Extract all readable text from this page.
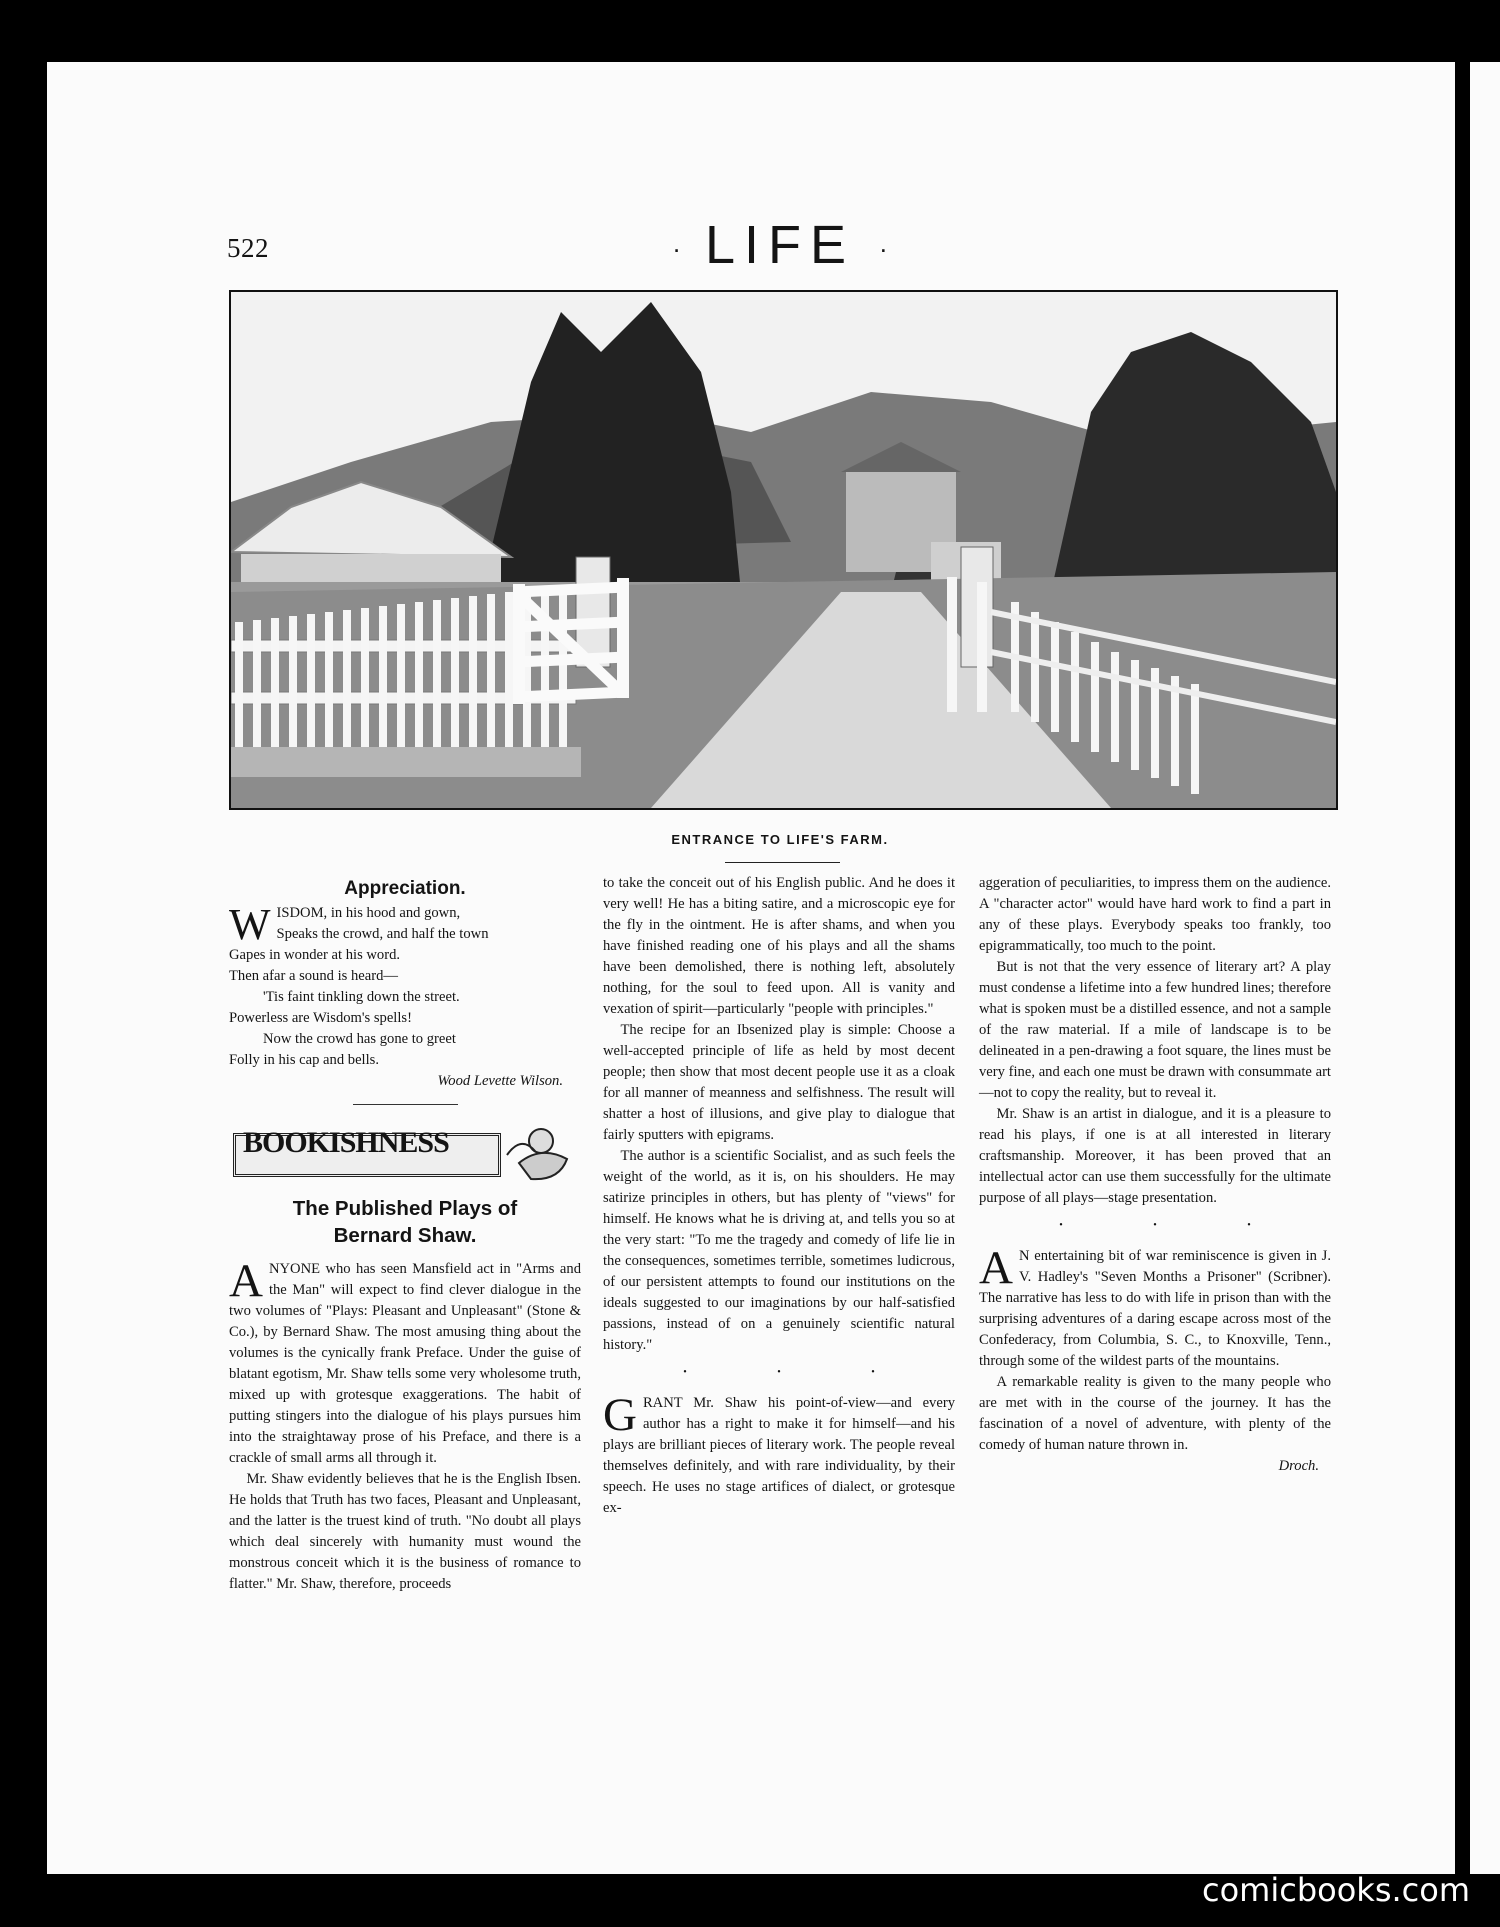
522	· LIFE ·
ENTRANCE TO LIFE'S FARM.
Appreciation.
W ISDOM, in his hood and gown,
Speaks the crowd, and half the town
Gapes in wonder at his word.
Then afar a sound is heard—
'Tis faint tinkling down the street.
Powerless are Wisdom's spells!
Now the crowd has gone to greet
Folly in his cap and bells.

Wood Levette Wilson.

BOOKISHNESS
The Published Plays of
Bernard Shaw.

ANYONE who has seen Mansfield act in "Arms and the Man" will expect to find clever dialogue in the two volumes of "Plays: Pleasant and Unpleasant" (Stone & Co.), by Bernard Shaw. The most amusing thing about the volumes is the cynically frank Preface. Under the guise of blatant egotism, Mr. Shaw tells some very wholesome truth, mixed up with grotesque exaggerations. The habit of putting stingers into the dialogue of his plays pursues him into the straightaway prose of his Preface, and there is a crackle of small arms all through it.

Mr. Shaw evidently believes that he is the English Ibsen. He holds that Truth has two faces, Pleasant and Unpleasant, and the latter is the truest kind of truth. "No doubt all plays which deal sincerely with humanity must wound the monstrous conceit which it is the business of romance to flatter." Mr. Shaw, therefore, proceeds

to take the conceit out of his English public. And he does it very well! He has a biting satire, and a microscopic eye for the fly in the ointment. He is after shams, and when you have finished reading one of his plays and all the shams have been demolished, there is nothing left, absolutely nothing, for the soul to feed upon. All is vanity and vexation of spirit—particularly "people with principles."

The recipe for an Ibsenized play is simple: Choose a well-accepted principle of life as held by most decent people; then show that most decent people use it as a cloak for all manner of meanness and selfishness. The result will shatter a host of illusions, and give play to dialogue that fairly sputters with epigrams.

The author is a scientific Socialist, and as such feels the weight of the world, as it is, on his shoulders. He may satirize principles in others, but has plenty of "views" for himself. He knows what he is driving at, and tells you so at the very start: "To me the tragedy and comedy of life lie in the consequences, sometimes terrible, sometimes ludicrous, of our persistent attempts to found our institutions on the ideals suggested to our imaginations by our half-satisfied passions, instead of on a genuinely scientific natural history."

• • •

GRANT Mr. Shaw his point-of-view—and every author has a right to make it for himself—and his plays are brilliant pieces of literary work. The people reveal themselves definitely, and with rare individuality, by their speech. He uses no stage artifices of dialect, or grotesque ex-

aggeration of peculiarities, to impress them on the audience. A "character actor" would have hard work to find a part in any of these plays. Everybody speaks too frankly, too epigrammatically, too much to the point.

But is not that the very essence of literary art? A play must condense a lifetime into a few hundred lines; therefore what is spoken must be a distilled essence, and not a sample of the raw material. If a mile of landscape is to be delineated in a pen-drawing a foot square, the lines must be very fine, and each one must be drawn with consummate art—not to copy the reality, but to reveal it.

Mr. Shaw is an artist in dialogue, and it is a pleasure to read his plays, if one is at all interested in literary craftsmanship. Moreover, it has been proved that an intellectual actor can use them successfully for the ultimate purpose of all plays—stage presentation.

• • •

A N entertaining bit of war reminiscence is given in J. V. Hadley's "Seven Months a Prisoner" (Scribner). The narrative has less to do with life in prison than with the surprising adventures of a daring escape across most of the Confederacy, from Columbia, S. C., to Knoxville, Tenn., through some of the wildest parts of the mountains.

A remarkable reality is given to the many people who are met with in the course of the journey. It has the fascination of a novel of adventure, with plenty of the comedy of human nature thrown in.

Droch.

comicbooks.com
